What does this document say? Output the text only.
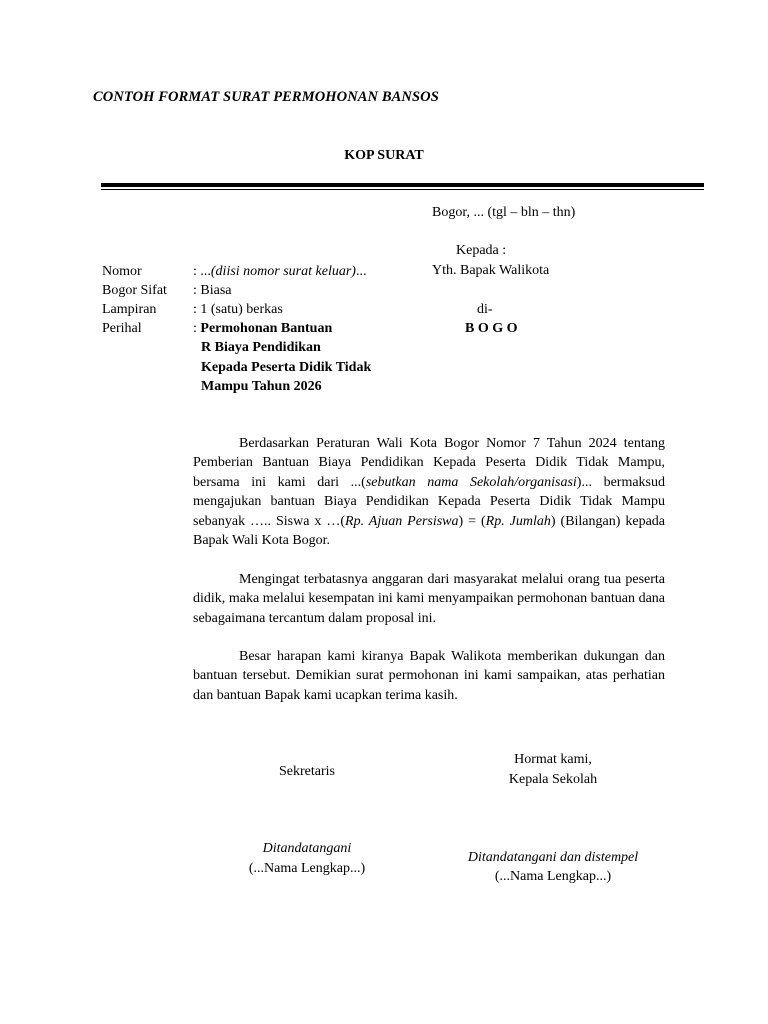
CONTOH FORMAT SURAT PERMOHONAN BANSOS
KOP SURAT
Bogor, ... (tgl – bln – thn)
Kepada :
Yth. Bapak Walikota
di-
B O G O
Nomor	: ...(diisi nomor surat keluar)...
Bogor Sifat : Biasa
Lampiran	: 1 (satu) berkas
Perihal	: Permohonan Bantuan
R Biaya Pendidikan
Kepada Peserta Didik Tidak
Mampu Tahun 2026
Berdasarkan Peraturan Wali Kota Bogor Nomor 7 Tahun 2024 tentang Pemberian Bantuan Biaya Pendidikan Kepada Peserta Didik Tidak Mampu, bersama ini kami dari ...(sebutkan nama Sekolah/organisasi)... bermaksud mengajukan bantuan Biaya Pendidikan Kepada Peserta Didik Tidak Mampu sebanyak ….. Siswa x …(Rp. Ajuan Persiswa) = (Rp. Jumlah) (Bilangan) kepada Bapak Wali Kota Bogor.
Mengingat terbatasnya anggaran dari masyarakat melalui orang tua peserta didik, maka melalui kesempatan ini kami menyampaikan permohonan bantuan dana sebagaimana tercantum dalam proposal ini.
Besar harapan kami kiranya Bapak Walikota memberikan dukungan dan bantuan tersebut. Demikian surat permohonan ini kami sampaikan, atas perhatian dan bantuan Bapak kami ucapkan terima kasih.
Sekretaris
Ditandatangani
(...Nama Lengkap...)
Hormat kami,
Kepala Sekolah
Ditandatangani dan distempel
(...Nama Lengkap...)
